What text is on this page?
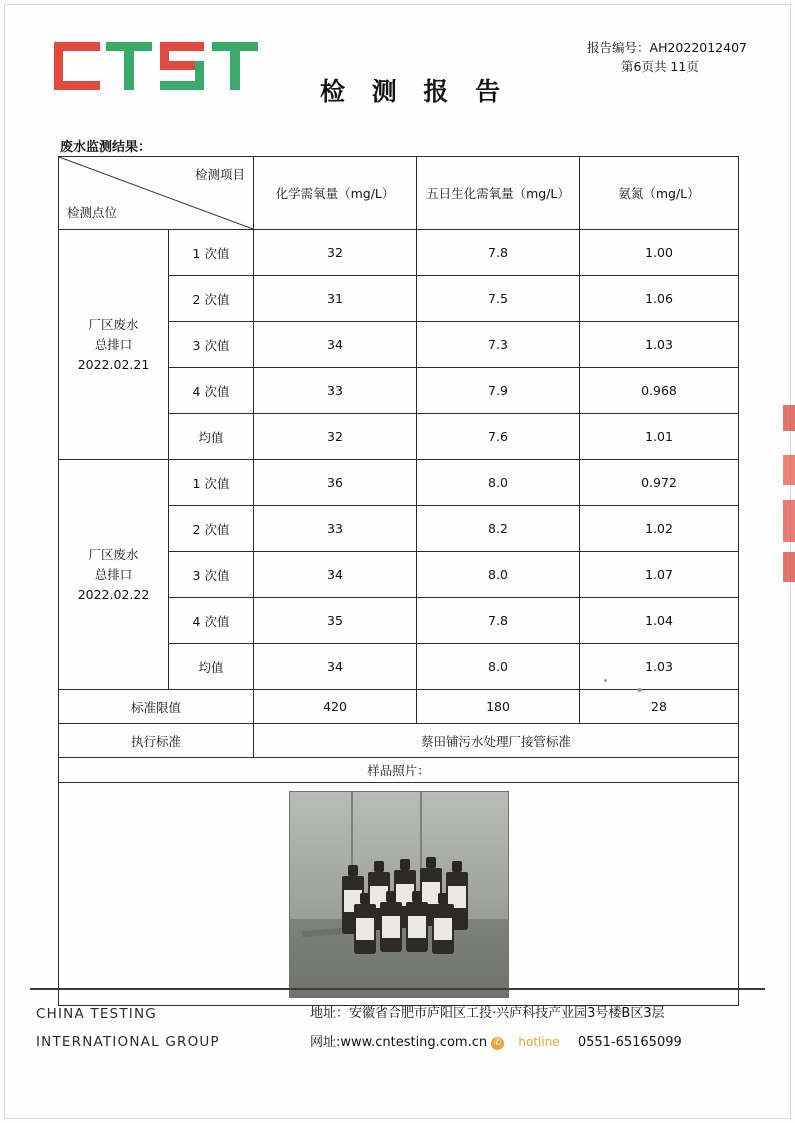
检 测 报 告
报告编号：AH2022012407
第6页共 11页
废水监测结果：
检测项目
检测点位		化学需氧量（mg/L）	五日生化需氧量（mg/L）	氨氮（mg/L）

厂区废水
总排口
2022.02.21	1 次值	32	7.8	1.00
	2 次值	31	7.5	1.06
	3 次值	34	7.3	1.03
	4 次值	33	7.9	0.968
	均值	32	7.6	1.01

厂区废水
总排口
2022.02.22	1 次值	36	8.0	0.972
	2 次值	33	8.2	1.02
	3 次值	34	8.0	1.07
	4 次值	35	7.8	1.04
	均值	34	8.0	1.03
标准限值		420	180	28
执行标准		蔡田铺污水处理厂接管标准		
样品照片：				

CHINA TESTING
INTERNATIONAL GROUP
地址：安徽省合肥市庐阳区工投·兴庐科技产业园3号楼B区3层
网址:www.cntesting.com.cn ✆ hotline 0551-65165099
